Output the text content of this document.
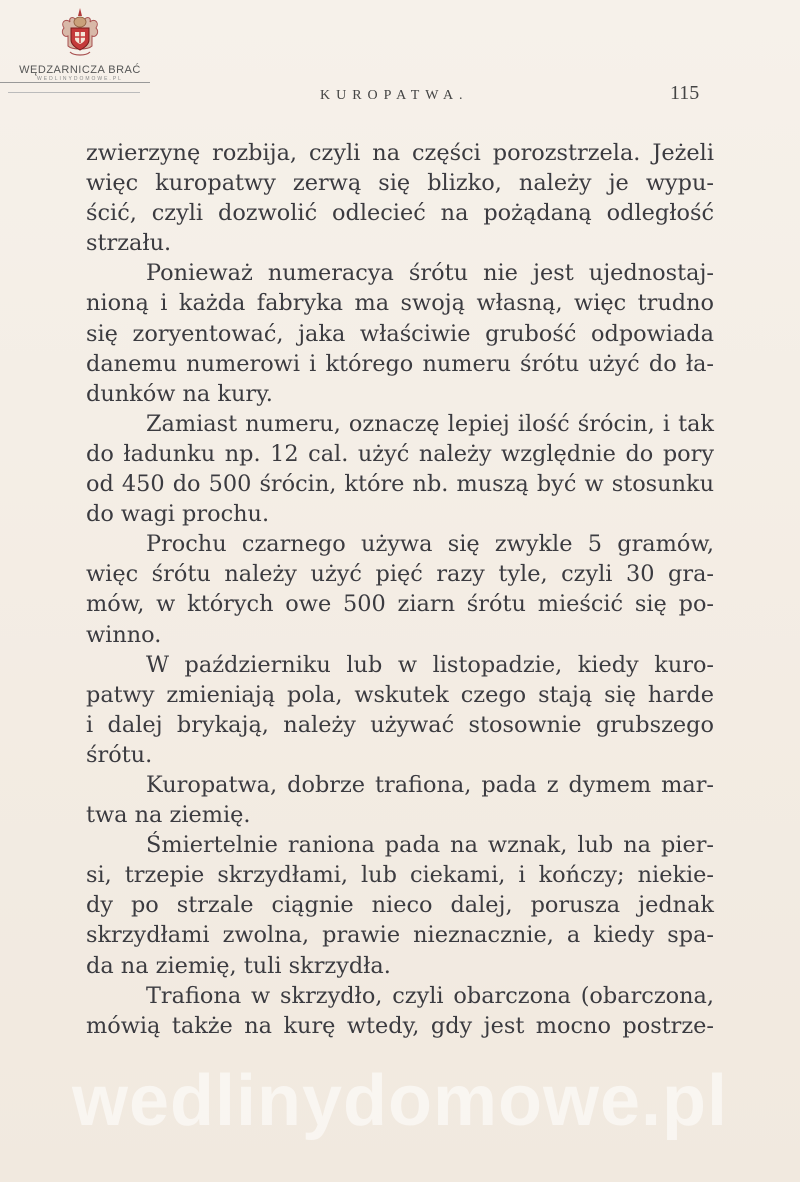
WĘDZARNICZA BRAĆ
WEDLINYDOMOWE.PL
KUROPATWA.	115
zwierzynę rozbija, czyli na części porozstrzela. Jeżeli
więc kuropatwy zerwą się blizko, należy je wypu-
ścić, czyli dozwolić odlecieć na pożądaną odległość
strzału.
Ponieważ numeracya śrótu nie jest ujednostaj-
nioną i każda fabryka ma swoją własną, więc trudno
się zoryentować, jaka właściwie grubość odpowiada
danemu numerowi i którego numeru śrótu użyć do ła-
dunków na kury.
Zamiast numeru, oznaczę lepiej ilość śrócin, i tak
do ładunku np. 12 cal. użyć należy względnie do pory
od 450 do 500 śrócin, które nb. muszą być w stosunku
do wagi prochu.
Prochu czarnego używa się zwykle 5 gramów,
więc śrótu należy użyć pięć razy tyle, czyli 30 gra-
mów, w których owe 500 ziarn śrótu mieścić się po-
winno.
W październiku lub w listopadzie, kiedy kuro-
patwy zmieniają pola, wskutek czego stają się harde
i dalej brykają, należy używać stosownie grubszego
śrótu.
Kuropatwa, dobrze trafiona, pada z dymem mar-
twa na ziemię.
Śmiertelnie raniona pada na wznak, lub na pier-
si, trzepie skrzydłami, lub ciekami, i kończy; niekie-
dy po strzale ciągnie nieco dalej, porusza jednak
skrzydłami zwolna, prawie nieznacznie, a kiedy spa-
da na ziemię, tuli skrzydła.
Trafiona w skrzydło, czyli obarczona (obarczona,
mówią także na kurę wtedy, gdy jest mocno postrze-
wedlinydomowe.pl
